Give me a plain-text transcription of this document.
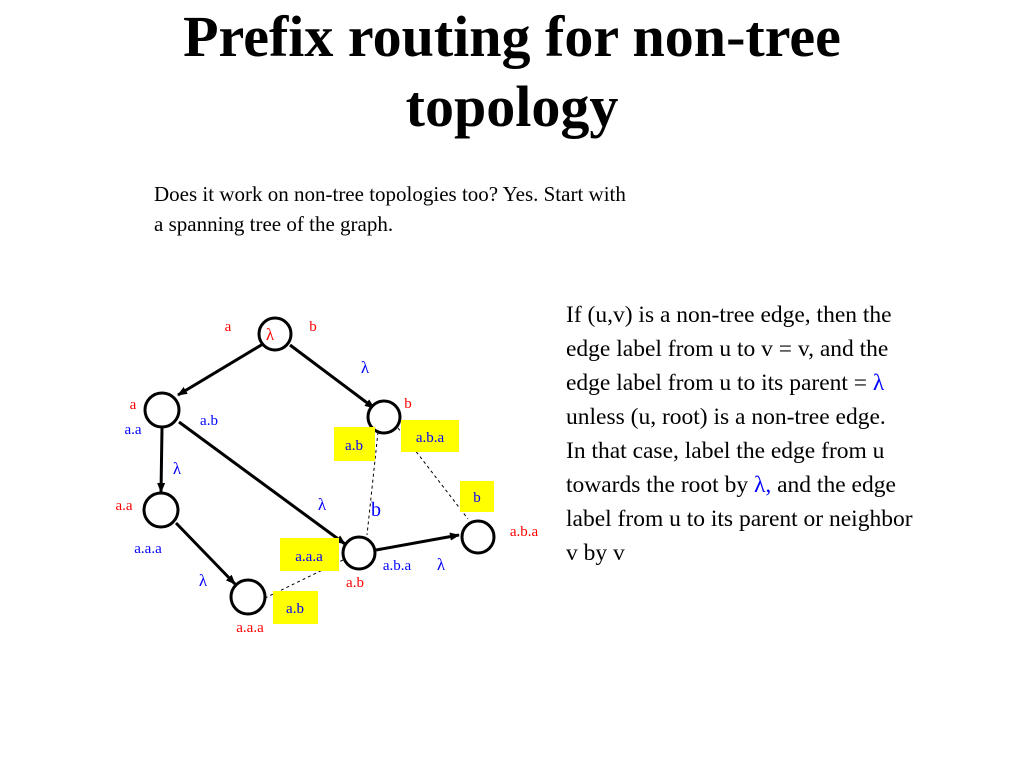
Prefix routing for non-tree
topology
Does it work on non-tree topologies too? Yes. Start with
a spanning tree of the graph.
If (u,v) is a non-tree edge, then the
edge label from u to v = v, and the
edge label from u to its parent = λ
unless (u, root) is a non-tree edge.
In that case, label the edge from u
towards the root by λ, and the edge
label from u to its parent or neighbor
v by v
a.b	a.b.a
b
a.a.a
a.b
λ
a	b
a	b
a.a
a.b.a
a.b
a.a.a
λ
a.b
a.a
λ
λ b
a.a.a
a.b.a λ
λ
